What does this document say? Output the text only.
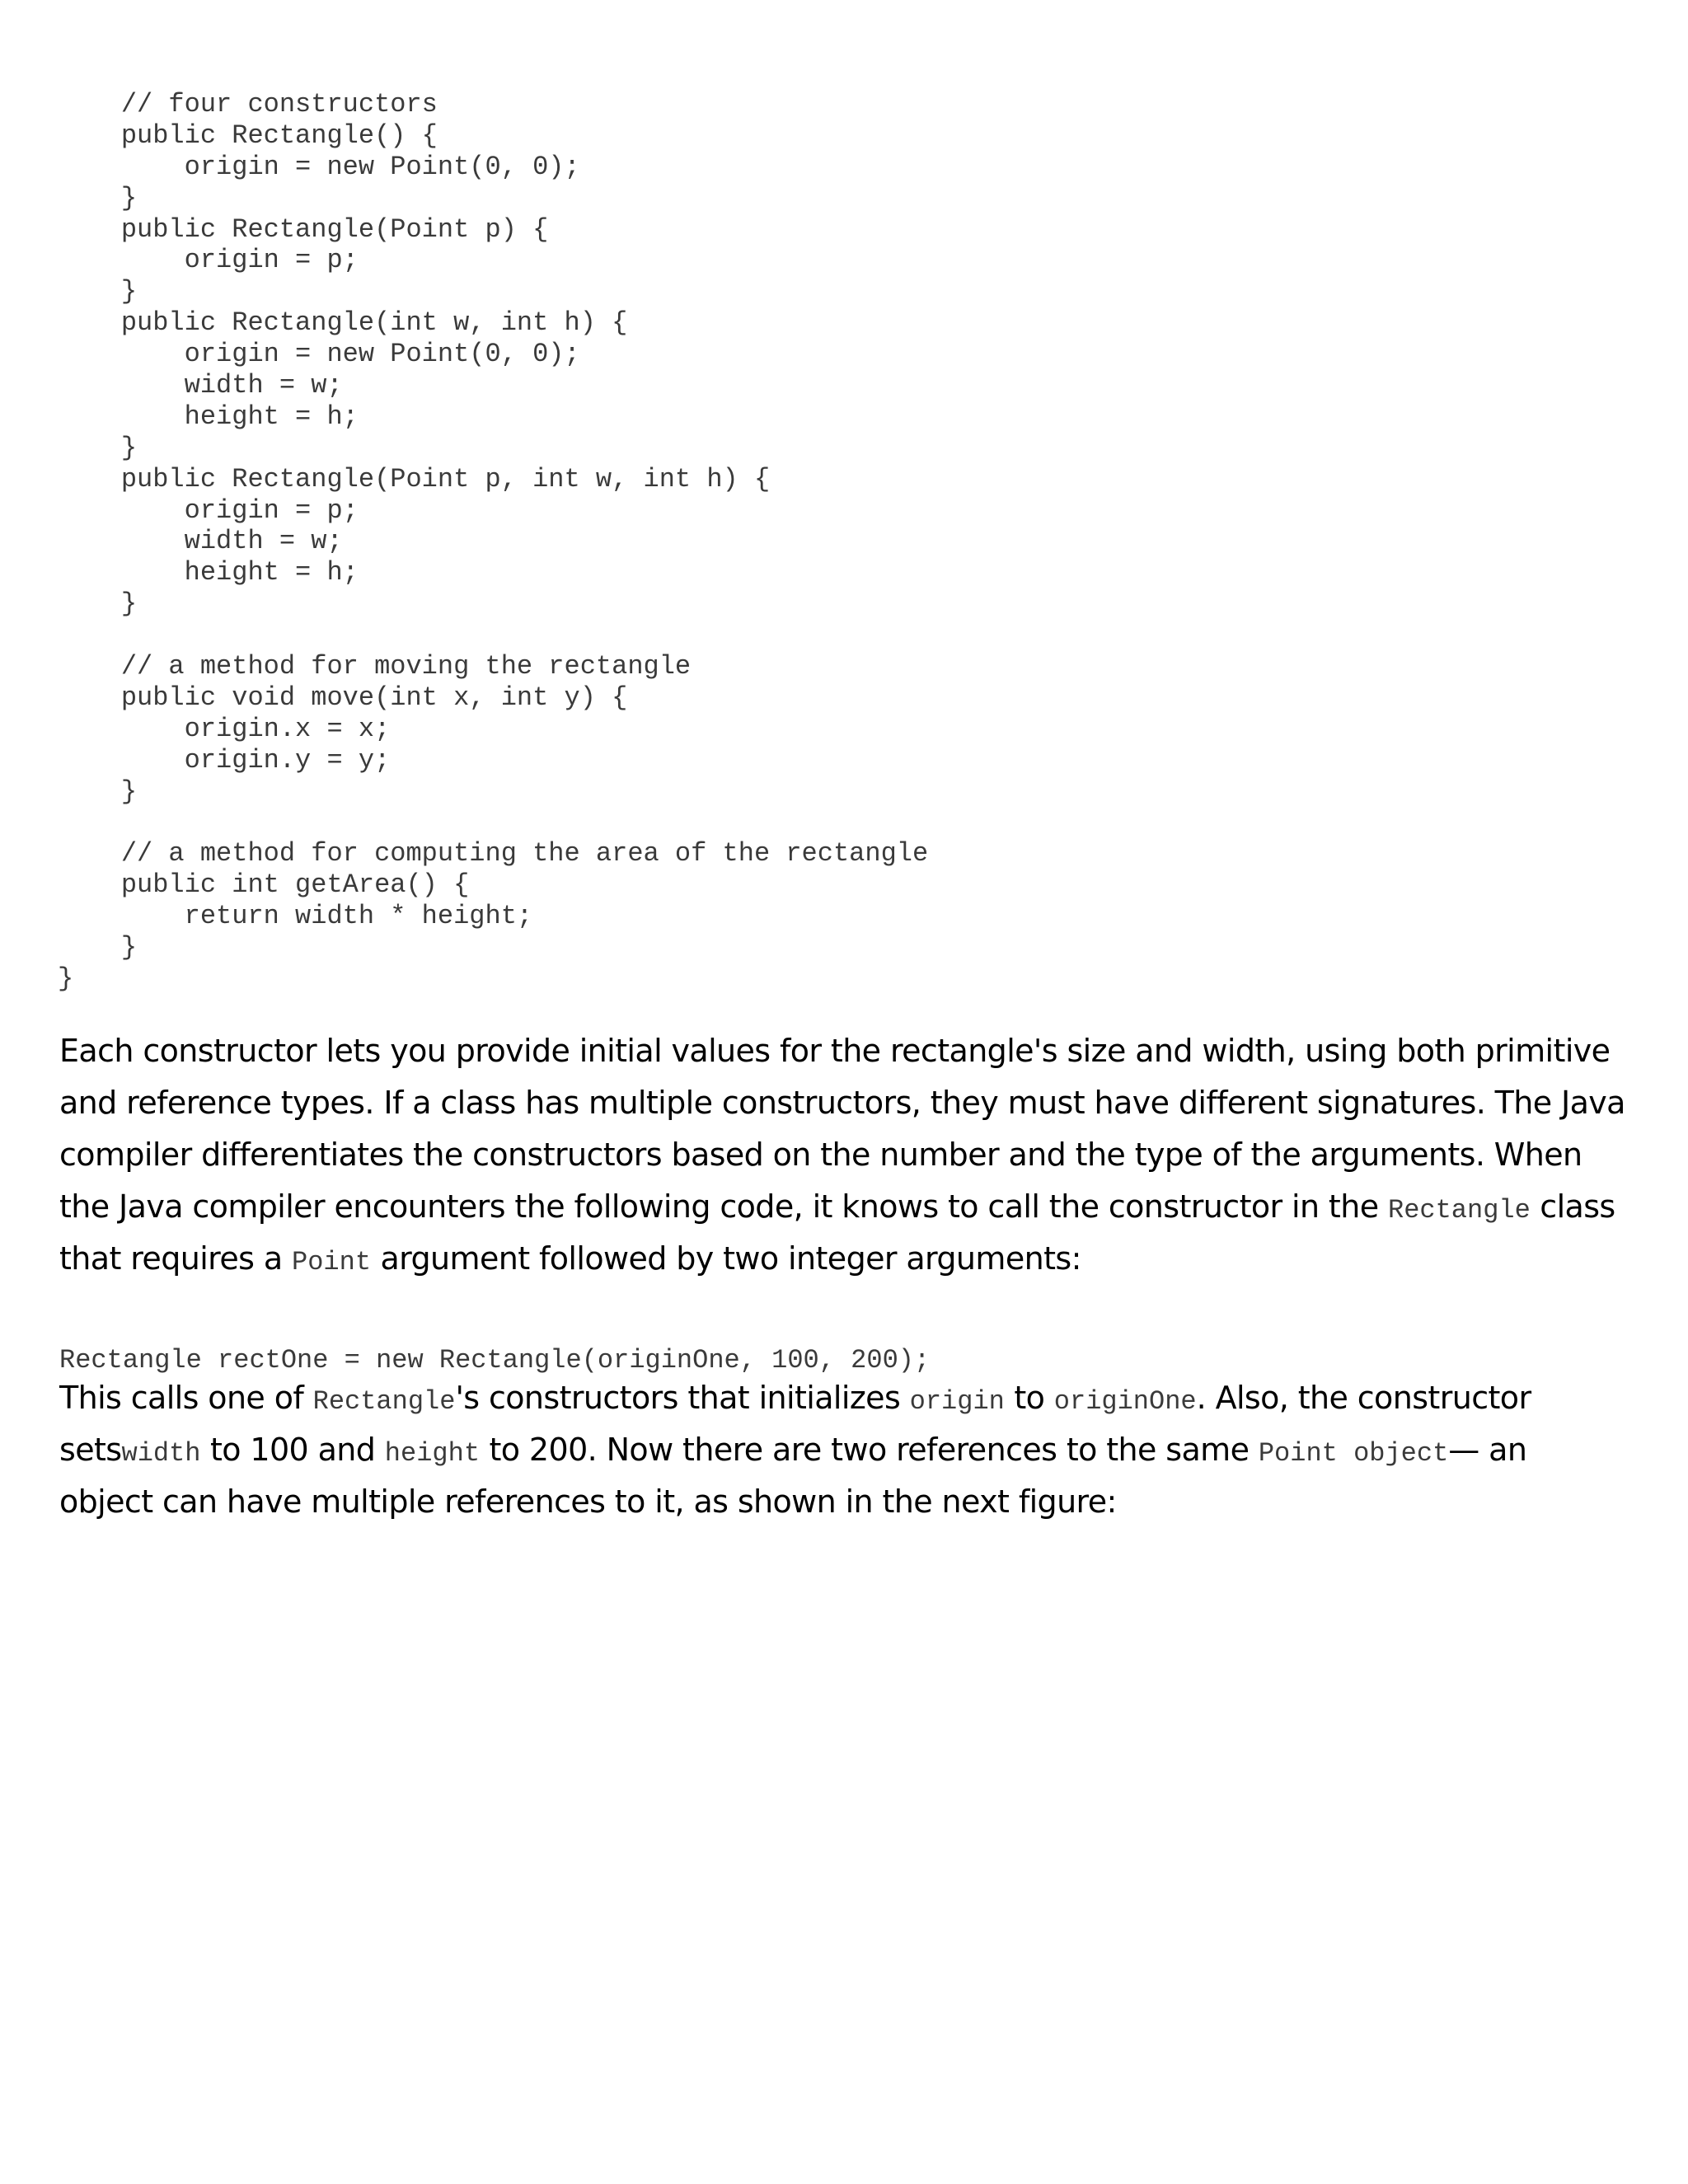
// four constructors
public Rectangle() {
origin = new Point(0, 0);
}
public Rectangle(Point p) {
origin = p;
}
public Rectangle(int w, int h) {
origin = new Point(0, 0);
width = w;
height = h;
}
public Rectangle(Point p, int w, int h) {
origin = p;
width = w;
height = h;
}
// a method for moving the rectangle
public void move(int x, int y) {
origin.x = x;
origin.y = y;
}
// a method for computing the area of the rectangle
public int getArea() {
return width * height;
}
}

Each constructor lets you provide initial values for the rectangle's size and width, using both primitive
and reference types. If a class has multiple constructors, they must have different signatures. The Java
compiler differentiates the constructors based on the number and the type of the arguments. When
the Java compiler encounters the following code, it knows to call the constructor in the Rectangle class
that requires a Point argument followed by two integer arguments:

Rectangle rectOne = new Rectangle(originOne, 100, 200);

This calls one of Rectangle's constructors that initializes origin to originOne. Also, the constructor
setswidth to 100 and height to 200. Now there are two references to the same Point object— an
object can have multiple references to it, as shown in the next figure:
